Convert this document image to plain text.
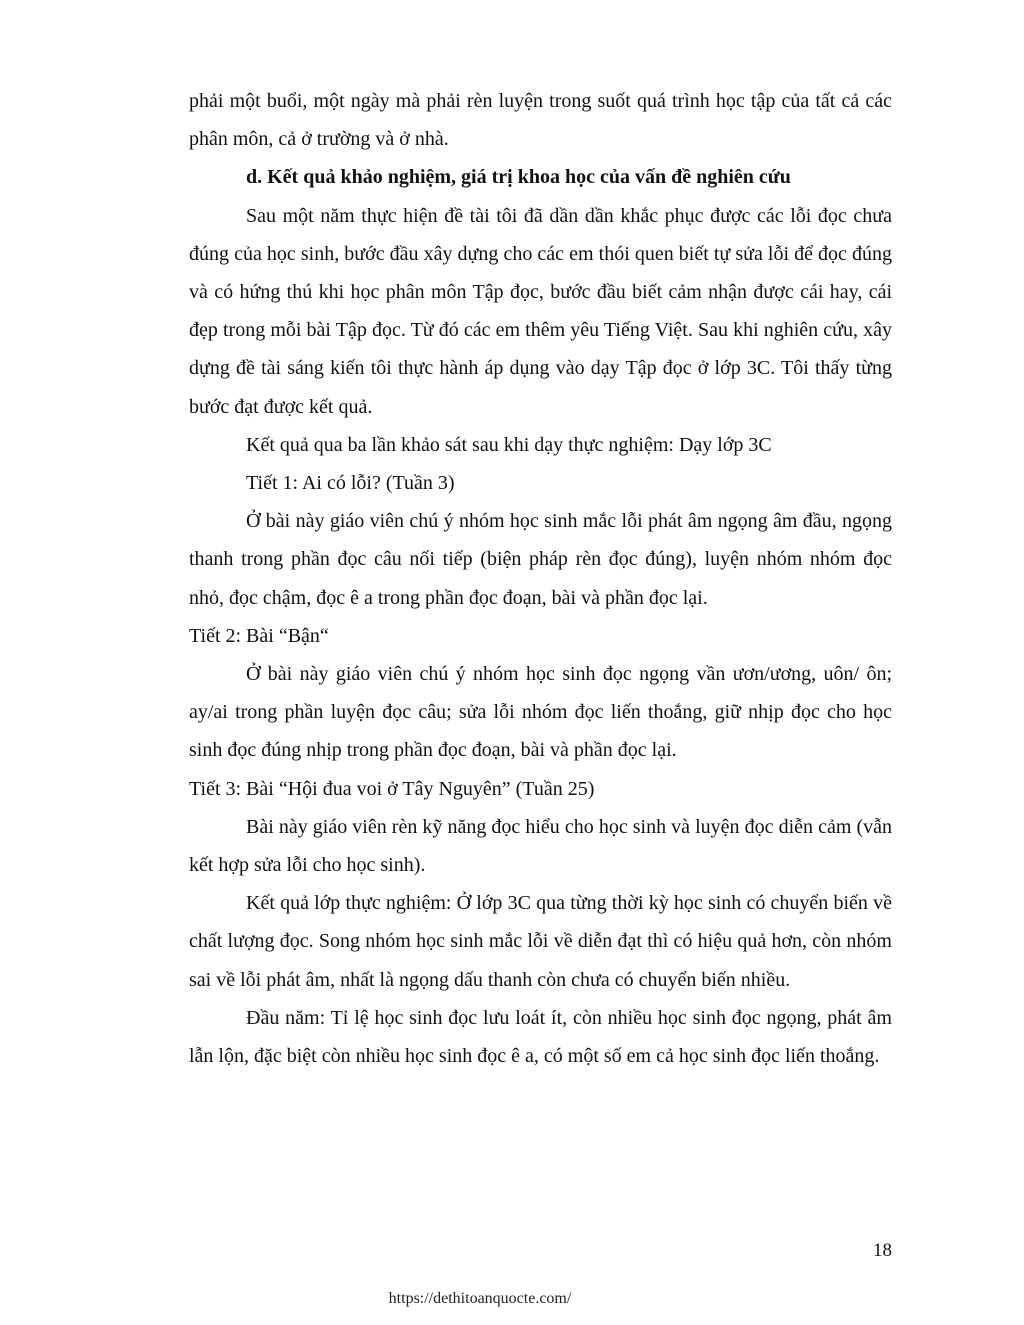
phải một buổi, một ngày mà phải rèn luyện trong suốt quá trình học tập của tất cả các phân môn, cả ở trường và ở nhà.

d. Kết quả khảo nghiệm, giá trị khoa học của vấn đề nghiên cứu

Sau một năm thực hiện đề tài tôi đã dần dần khắc phục được các lỗi đọc chưa đúng của học sinh, bước đầu xây dựng cho các em thói quen biết tự sửa lỗi để đọc đúng và có hứng thú khi học phân môn Tập đọc, bước đầu biết cảm nhận được cái hay, cái đẹp trong mỗi bài Tập đọc. Từ đó các em thêm yêu Tiếng Việt. Sau khi nghiên cứu, xây dựng đề tài sáng kiến tôi thực hành áp dụng vào dạy Tập đọc ở lớp 3C. Tôi thấy từng bước đạt được kết quả.

Kết quả qua ba lần khảo sát sau khi dạy thực nghiệm: Dạy lớp 3C

Tiết 1: Ai có lỗi? (Tuần 3)

Ở bài này giáo viên chú ý nhóm học sinh mắc lỗi phát âm ngọng âm đầu, ngọng thanh trong phần đọc câu nối tiếp (biện pháp rèn đọc đúng), luyện nhóm nhóm đọc nhỏ, đọc chậm, đọc ê a trong phần đọc đoạn, bài và phần đọc lại.

Tiết 2: Bài “Bận“

Ở bài này giáo viên chú ý nhóm học sinh đọc ngọng vần ươn/ương, uôn/ ôn; ay/ai trong phần luyện đọc câu; sửa lỗi nhóm đọc liến thoắng, giữ nhịp đọc cho học sinh đọc đúng nhịp trong phần đọc đoạn, bài và phần đọc lại.

Tiết 3: Bài “Hội đua voi ở Tây Nguyên” (Tuần 25)

Bài này giáo viên rèn kỹ năng đọc hiểu cho học sinh và luyện đọc diễn cảm (vẫn kết hợp sửa lỗi cho học sinh).

Kết quả lớp thực nghiệm: Ở lớp 3C qua từng thời kỳ học sinh có chuyển biến về chất lượng đọc. Song nhóm học sinh mắc lỗi về diễn đạt thì có hiệu quả hơn, còn nhóm sai về lỗi phát âm, nhất là ngọng dấu thanh còn chưa có chuyển biến nhiều.

Đầu năm: Tỉ lệ học sinh đọc lưu loát ít, còn nhiều học sinh đọc ngọng, phát âm lẫn lộn, đặc biệt còn nhiều học sinh đọc ê a, có một số em cả học sinh đọc liến thoắng.

18
https://dethitoanquocte.com/
